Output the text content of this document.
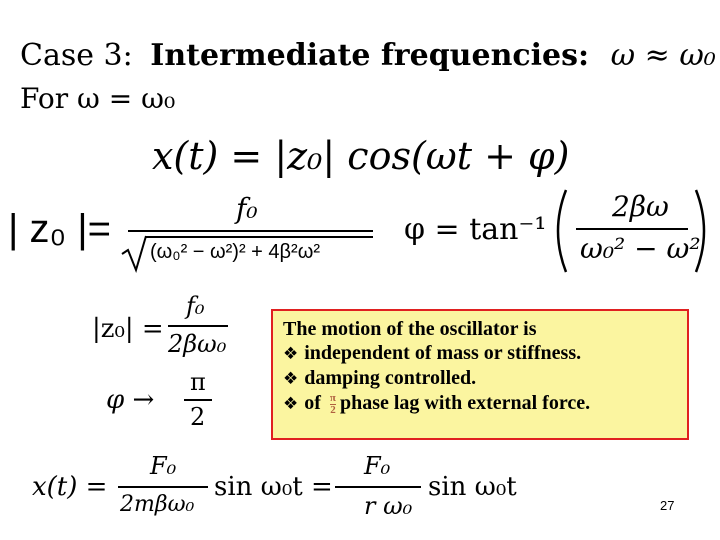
Case 3: Intermediate frequencies: ω ≈ ω₀
For ω = ω₀
x(t) = |z₀| cos(ωt + φ)
| z₀ |=	f₀
(ω₀² − ω²)² + 4β²ω²
φ = tan⁻¹
2βω
ω₀² − ω²
|z₀| =
f₀
2βω₀
φ →
π
2
The motion of the oscillator is
❖ independent of mass or stiffness.
❖ damping controlled.
❖ of $\frac{\pi}{2}$ phase lag with external force.
x(t) =
F₀
2mβω₀
sin ω₀t =
F₀
r ω₀
sin ω₀t
27
